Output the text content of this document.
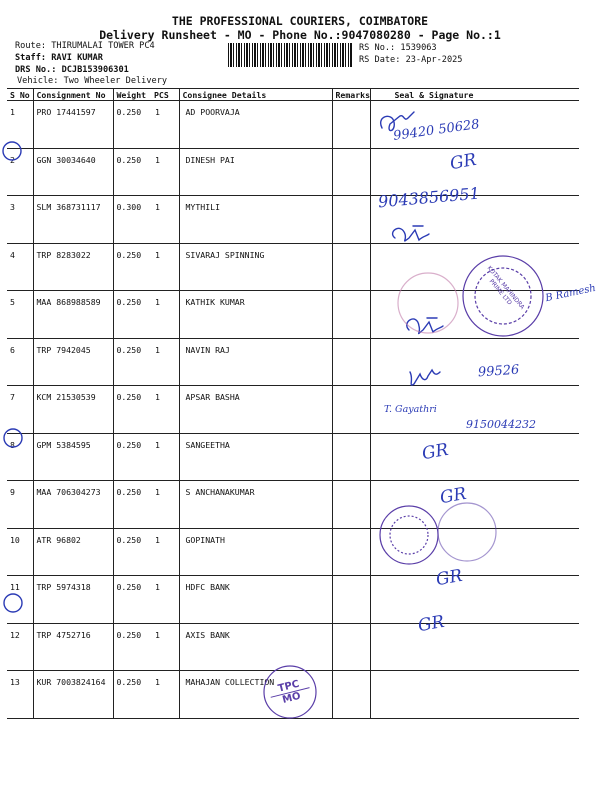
THE PROFESSIONAL COURIERS, COIMBATORE
Delivery Runsheet - MO - Phone No.:9047080280 - Page No.:1
Route: THIRUMALAI TOWER PC4
Staff: RAVI KUMAR
DRS No.: DCJB153906301
Vehicle: Two Wheeler Delivery
RS No.: 1539063
RS Date: 23-Apr-2025
S No	Consignment No	Weight	PCS	Consignee Details	Remarks	Seal & Signature
1	PRO 17441597	0.250	1	AD POORVAJA		
2	GGN 30034640	0.250	1	DINESH PAI		
3	SLM 368731117	0.300	1	MYTHILI		
4	TRP 8283022	0.250	1	SIVARAJ SPINNING		
5	MAA 868988589	0.250	1	KATHIK KUMAR		
6	TRP 7942045	0.250	1	NAVIN RAJ		
7	KCM 21530539	0.250	1	APSAR BASHA		
8	GPM 5384595	0.250	1	SANGEETHA		
9	MAA 706304273	0.250	1	S ANCHANAKUMAR		
10	ATR 96802	0.250	1	GOPINATH		
11	TRP 5974318	0.250	1	HDFC BANK		
12	TRP 4752716	0.250	1	AXIS BANK		
13	KUR 7003824164	0.250	1	MAHAJAN COLLECTION		
99420 50628
9043856951
B Ramesh
99526
T. Gayathri
9150044232
GR
GR
GR
GR
GR
KOTAK MAHINDRA PRIME LTD
TPC
MO
